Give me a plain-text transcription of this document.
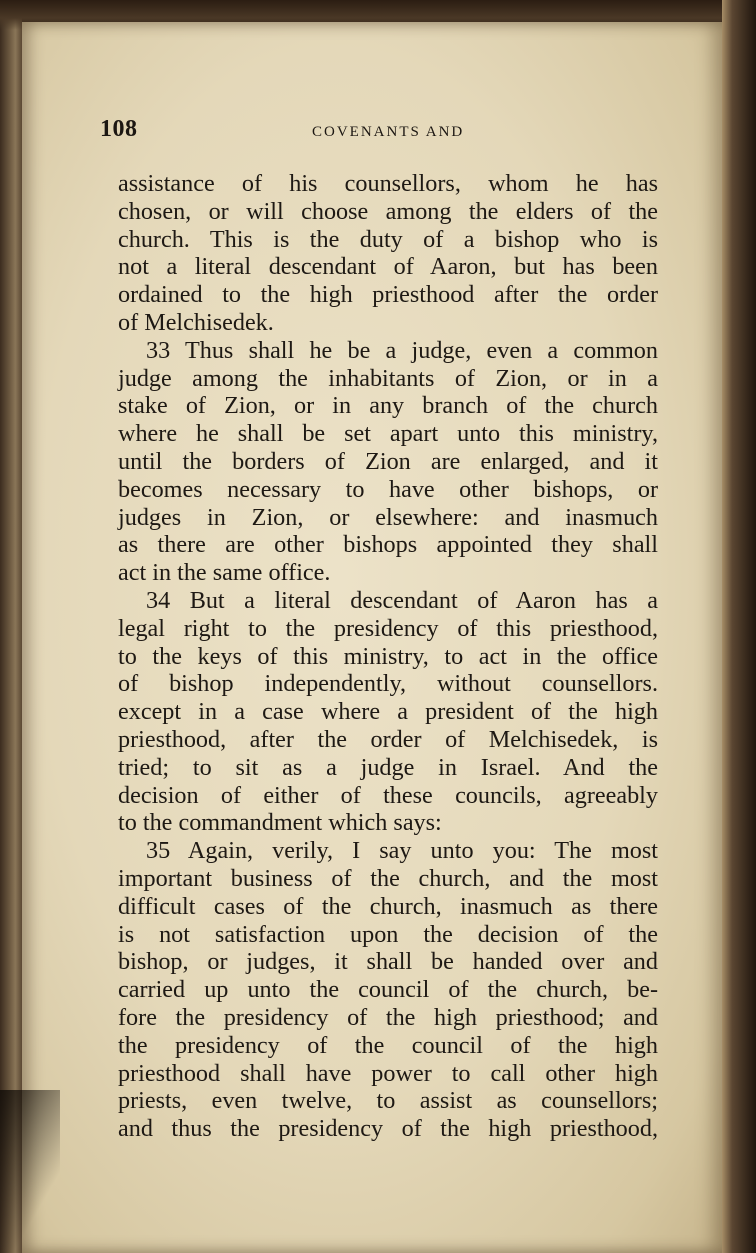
108	COVENANTS AND
assistance of his counsellors, whom he has
chosen, or will choose among the elders of the
church. This is the duty of a bishop who is
not a literal descendant of Aaron, but has been
ordained to the high priesthood after the order
of Melchisedek.
33 Thus shall he be a judge, even a common
judge among the inhabitants of Zion, or in a
stake of Zion, or in any branch of the church
where he shall be set apart unto this ministry,
until the borders of Zion are enlarged, and it
becomes necessary to have other bishops, or
judges in Zion, or elsewhere: and inasmuch
as there are other bishops appointed they shall
act in the same office.
34 But a literal descendant of Aaron has a
legal right to the presidency of this priesthood,
to the keys of this ministry, to act in the office
of bishop independently, without counsellors.
except in a case where a president of the high
priesthood, after the order of Melchisedek, is
tried; to sit as a judge in Israel. And the
decision of either of these councils, agreeably
to the commandment which says:
35 Again, verily, I say unto you: The most
important business of the church, and the most
difficult cases of the church, inasmuch as there
is not satisfaction upon the decision of the
bishop, or judges, it shall be handed over and
carried up unto the council of the church, be-
fore the presidency of the high priesthood; and
the presidency of the council of the high
priesthood shall have power to call other high
priests, even twelve, to assist as counsellors;
and thus the presidency of the high priesthood,
